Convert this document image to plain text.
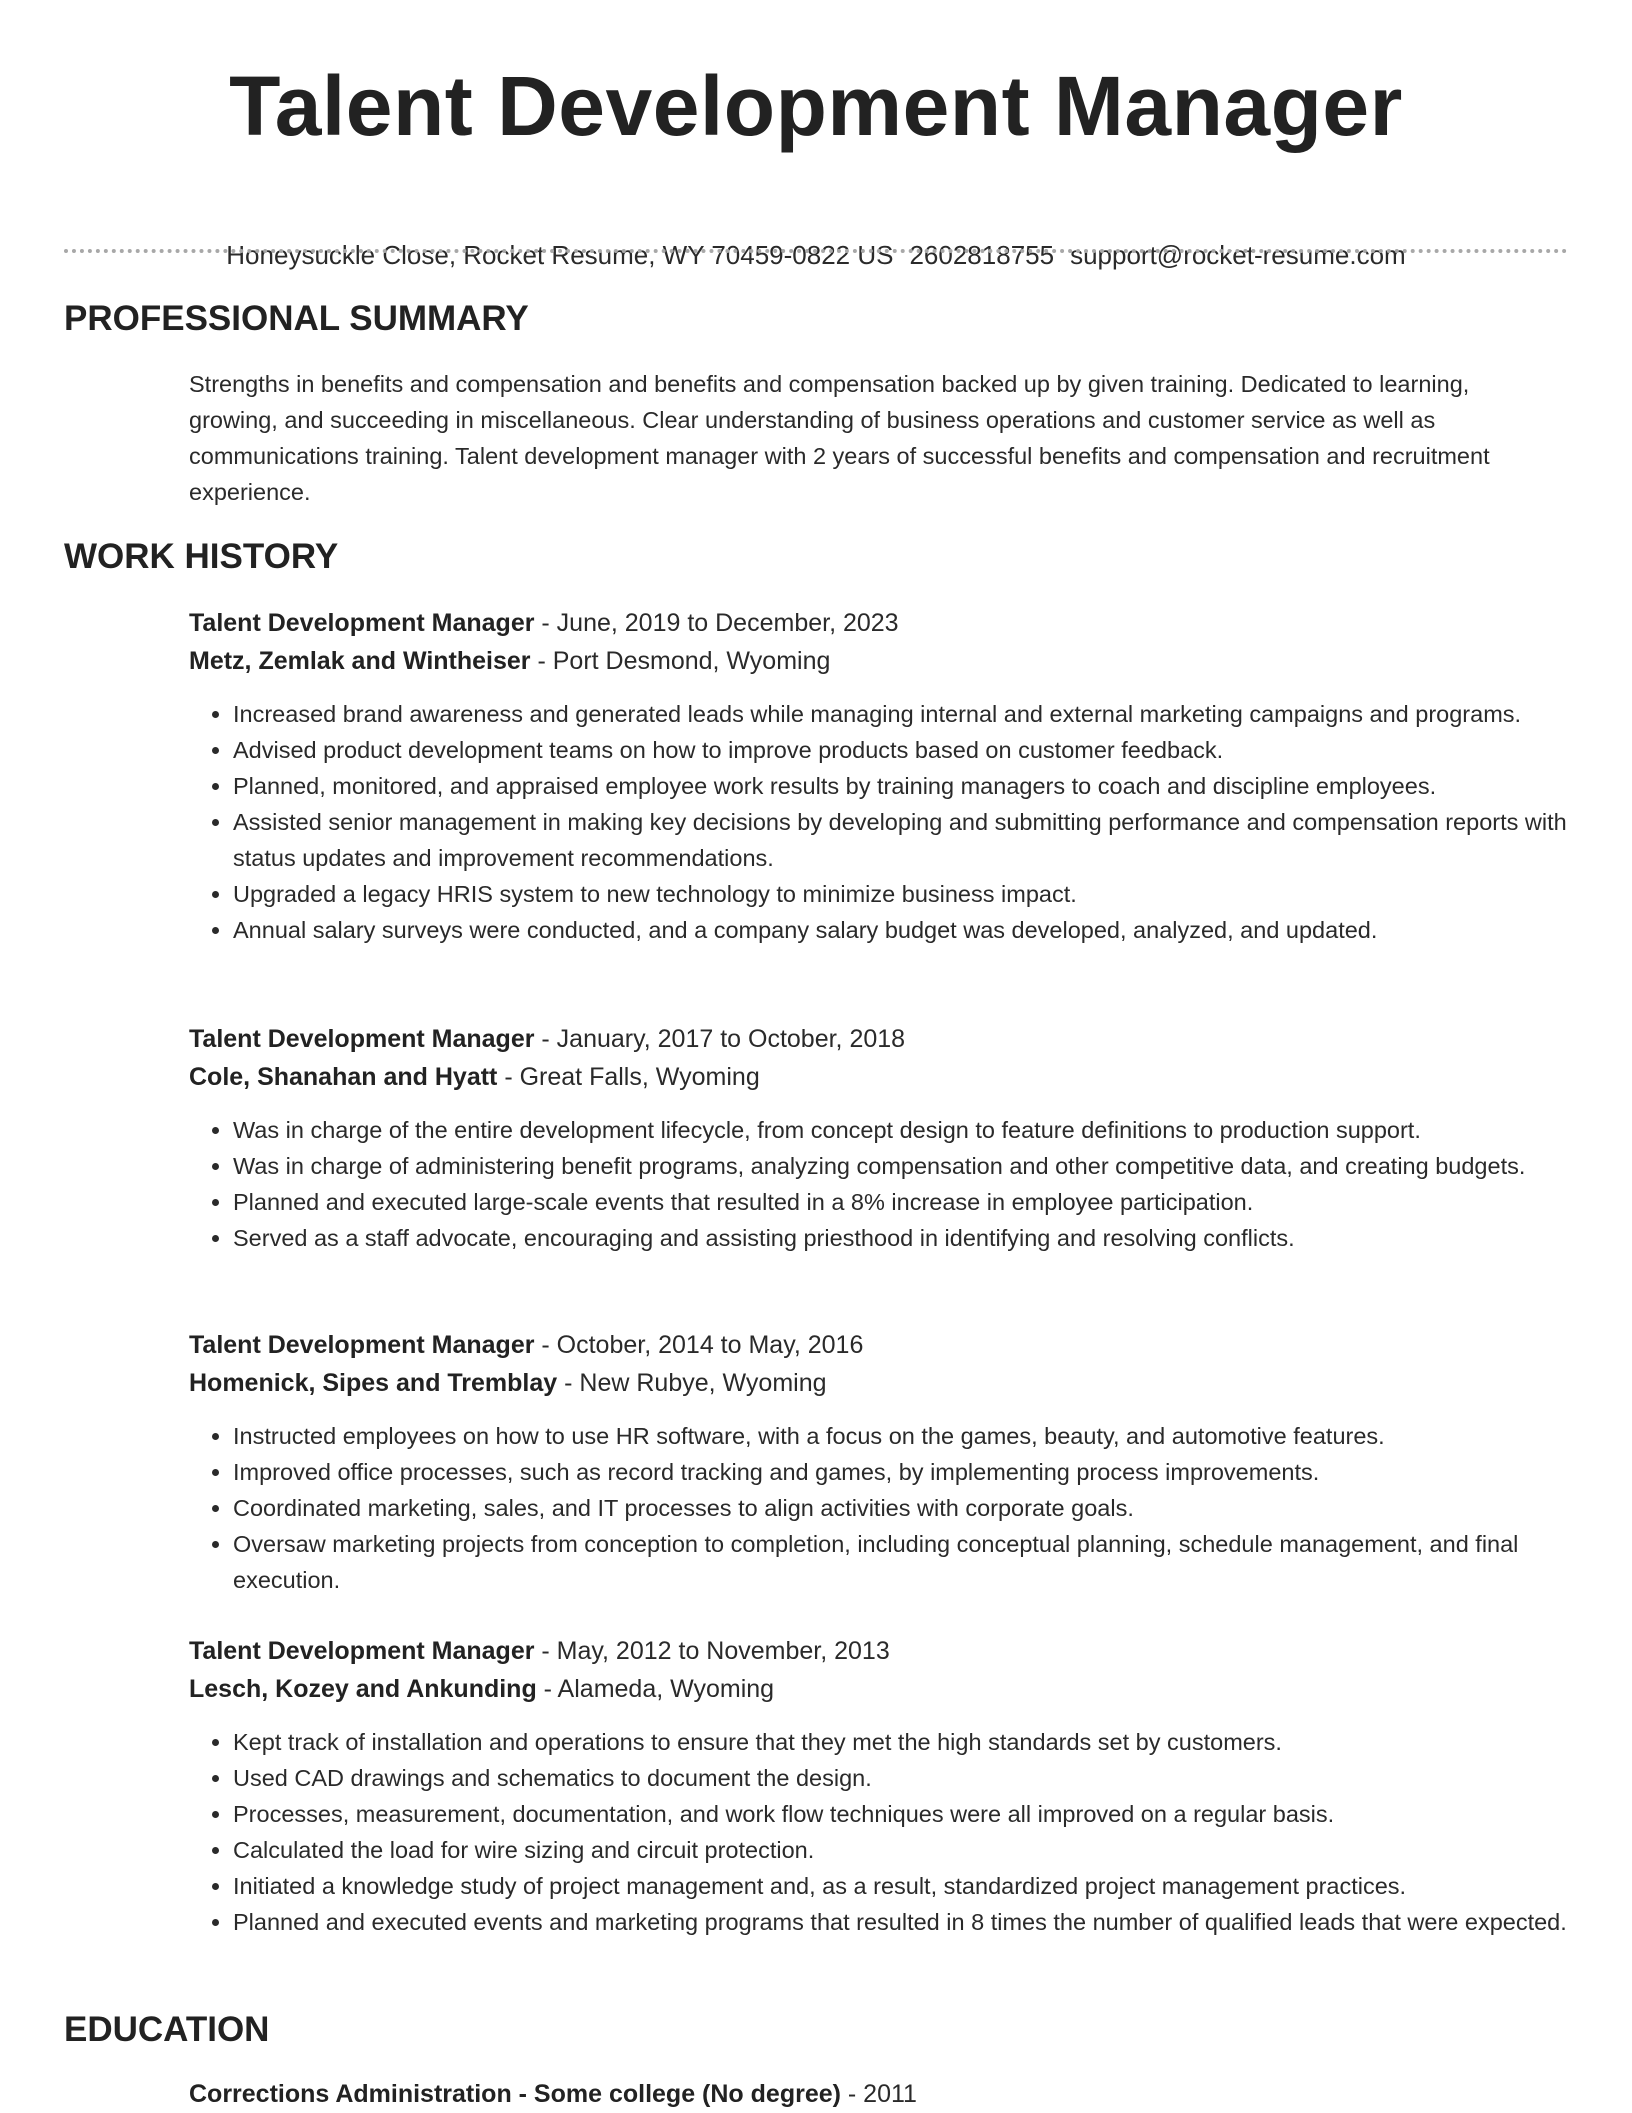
Talent Development Manager
Honeysuckle Close, Rocket Resume, WY 70459-0822 US 2602818755 support@rocket-resume.com
PROFESSIONAL SUMMARY
Strengths in benefits and compensation and benefits and compensation backed up by given training. Dedicated to learning, growing, and succeeding in miscellaneous. Clear understanding of business operations and customer service as well as communications training. Talent development manager with 2 years of successful benefits and compensation and recruitment experience.
WORK HISTORY
Talent Development Manager - June, 2019 to December, 2023
Metz, Zemlak and Wintheiser - Port Desmond, Wyoming
• Increased brand awareness and generated leads while managing internal and external marketing campaigns and programs.
• Advised product development teams on how to improve products based on customer feedback.
• Planned, monitored, and appraised employee work results by training managers to coach and discipline employees.
• Assisted senior management in making key decisions by developing and submitting performance and compensation reports with status updates and improvement recommendations.
• Upgraded a legacy HRIS system to new technology to minimize business impact.
• Annual salary surveys were conducted, and a company salary budget was developed, analyzed, and updated.
Talent Development Manager - January, 2017 to October, 2018
Cole, Shanahan and Hyatt - Great Falls, Wyoming
• Was in charge of the entire development lifecycle, from concept design to feature definitions to production support.
• Was in charge of administering benefit programs, analyzing compensation and other competitive data, and creating budgets.
• Planned and executed large-scale events that resulted in a 8% increase in employee participation.
• Served as a staff advocate, encouraging and assisting priesthood in identifying and resolving conflicts.
Talent Development Manager - October, 2014 to May, 2016
Homenick, Sipes and Tremblay - New Rubye, Wyoming
• Instructed employees on how to use HR software, with a focus on the games, beauty, and automotive features.
• Improved office processes, such as record tracking and games, by implementing process improvements.
• Coordinated marketing, sales, and IT processes to align activities with corporate goals.
• Oversaw marketing projects from conception to completion, including conceptual planning, schedule management, and final execution.
Talent Development Manager - May, 2012 to November, 2013
Lesch, Kozey and Ankunding - Alameda, Wyoming
• Kept track of installation and operations to ensure that they met the high standards set by customers.
• Used CAD drawings and schematics to document the design.
• Processes, measurement, documentation, and work flow techniques were all improved on a regular basis.
• Calculated the load for wire sizing and circuit protection.
• Initiated a knowledge study of project management and, as a result, standardized project management practices.
• Planned and executed events and marketing programs that resulted in 8 times the number of qualified leads that were expected.
EDUCATION
Corrections Administration - Some college (No degree) - 2011
